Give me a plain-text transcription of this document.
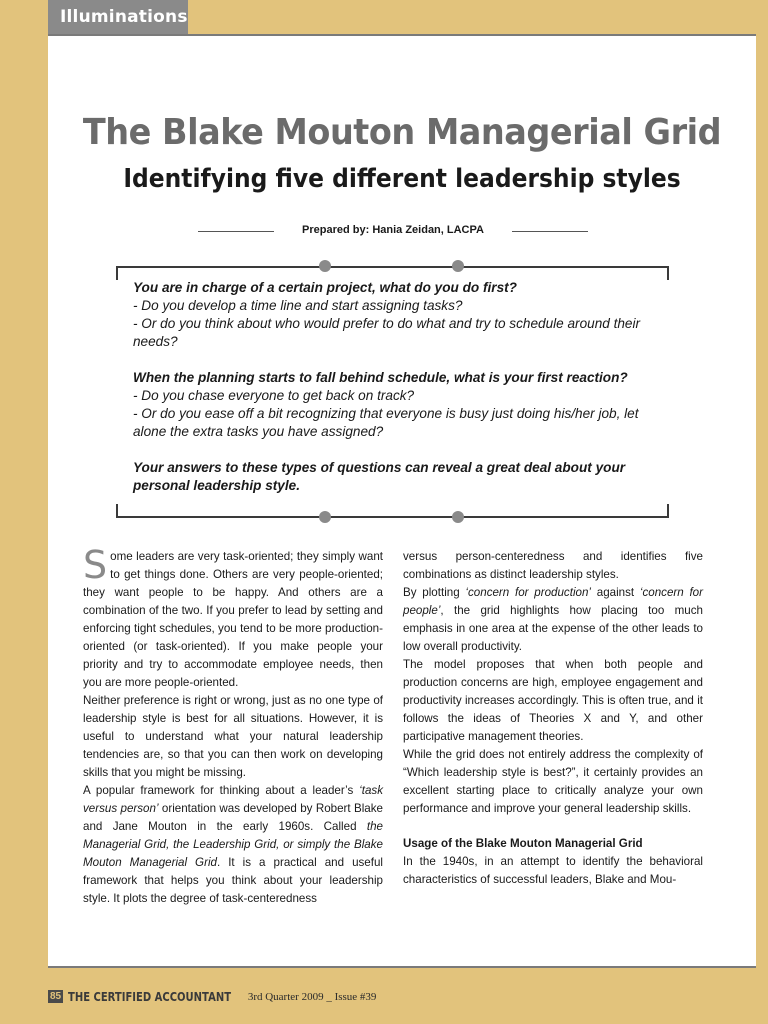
Illuminations
The Blake Mouton Managerial Grid
Identifying five different leadership styles
Prepared by: Hania Zeidan, LACPA

You are in charge of a certain project, what do you do first?

- Do you develop a time line and start assigning tasks?

- Or do you think about who would prefer to do what and try to schedule around their needs?

When the planning starts to fall behind schedule, what is your first reaction?

- Do you chase everyone to get back on track?

- Or do you ease off a bit recognizing that everyone is busy just doing his/her job, let alone the extra tasks you have assigned?

Your answers to these types of questions can reveal a great deal about your personal leadership style.

Some leaders are very task-oriented; they simply want to get things done. Others are very people-oriented; they want people to be happy. And others are a combination of the two. If you prefer to lead by setting and enforcing tight schedules, you tend to be more production-oriented (or task-oriented). If you make people your priority and try to accommodate employee needs, then you are more people-oriented.

Neither preference is right or wrong, just as no one type of leadership style is best for all situations. However, it is useful to understand what your natural leadership tendencies are, so that you can then work on developing skills that you might be missing.

A popular framework for thinking about a leader’s ‘task versus person’ orientation was developed by Robert Blake and Jane Mouton in the early 1960s. Called the Managerial Grid, the Leadership Grid, or simply the Blake Mouton Managerial Grid. It is a practical and useful framework that helps you think about your leadership style. It plots the degree of task-centeredness

versus person-centeredness and identifies five combinations as distinct leadership styles.

By plotting ‘concern for production’ against ‘concern for people’, the grid highlights how placing too much emphasis in one area at the expense of the other leads to low overall productivity.

The model proposes that when both people and production concerns are high, employee engagement and productivity increases accordingly. This is often true, and it follows the ideas of Theories X and Y, and other participative management theories.

While the grid does not entirely address the complexity of “Which leadership style is best?”, it certainly provides an excellent starting place to critically analyze your own performance and improve your general leadership skills.

Usage of the Blake Mouton Managerial Grid

In the 1940s, in an attempt to identify the behavioral characteristics of successful leaders, Blake and Mou-

85 THE CERTIFIED ACCOUNTANT 3rd Quarter 2009 _ Issue #39
